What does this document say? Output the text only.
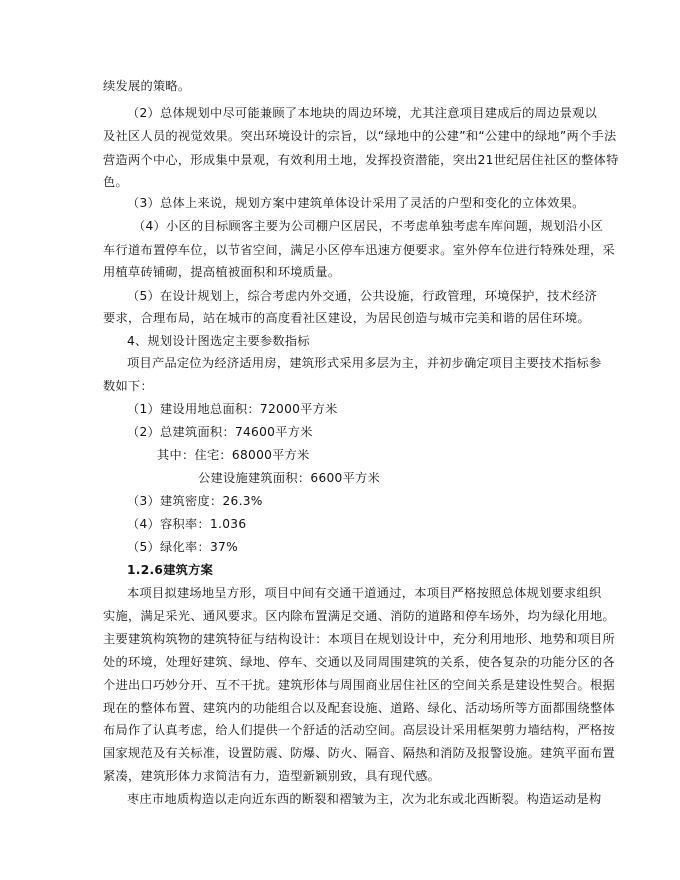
续发展的策略。
（2）总体规划中尽可能兼顾了本地块的周边环境，尤其注意项目建成后的周边景观以
及社区人员的视觉效果。突出环境设计的宗旨，以“绿地中的公建”和“公建中的绿地”两个手法
营造两个中心，形成集中景观，有效利用土地，发挥投资潜能，突出21世纪居住社区的整体特
色。
（3）总体上来说，规划方案中建筑单体设计采用了灵活的户型和变化的立体效果。
（4）小区的目标顾客主要为公司棚户区居民，不考虑单独考虑车库问题，规划沿小区
车行道布置停车位，以节省空间，满足小区停车迅速方便要求。室外停车位进行特殊处理，采
用植草砖铺砌，提高植被面积和环境质量。
（5）在设计规划上，综合考虑内外交通，公共设施，行政管理，环境保护，技术经济
要求，合理布局，站在城市的高度看社区建设，为居民创造与城市完美和谐的居住环境。
4、规划设计图选定主要参数指标
项目产品定位为经济适用房，建筑形式采用多层为主，并初步确定项目主要技术指标参
数如下：
（1）建设用地总面积：72000平方米
（2）总建筑面积：74600平方米
其中：住宅：68000平方米
公建设施建筑面积：6600平方米
（3）建筑密度：26.3%
（4）容积率：1.036
（5）绿化率：37%
1.2.6建筑方案
本项目拟建场地呈方形，项目中间有交通干道通过，本项目严格按照总体规划要求组织
实施，满足采光、通风要求。区内除布置满足交通、消防的道路和停车场外，均为绿化用地。
主要建筑构筑物的建筑特征与结构设计：本项目在规划设计中，充分利用地形、地势和项目所
处的环境，处理好建筑、绿地、停车、交通以及同周围建筑的关系，使各复杂的功能分区的各
个进出口巧妙分开、互不干扰。建筑形体与周围商业居住社区的空间关系是建设性契合。根据
现在的整体布置、建筑内的功能组合以及配套设施、道路、绿化、活动场所等方面都围绕整体
布局作了认真考虑，给人们提供一个舒适的活动空间。高层设计采用框架剪力墙结构，严格按
国家规范及有关标准，设置防震、防爆、防火、隔音、隔热和消防及报警设施。建筑平面布置
紧凑，建筑形体力求简洁有力，造型新颖别致，具有现代感。
枣庄市地质构造以走向近东西的断裂和褶皱为主，次为北东或北西断裂。构造运动是构
